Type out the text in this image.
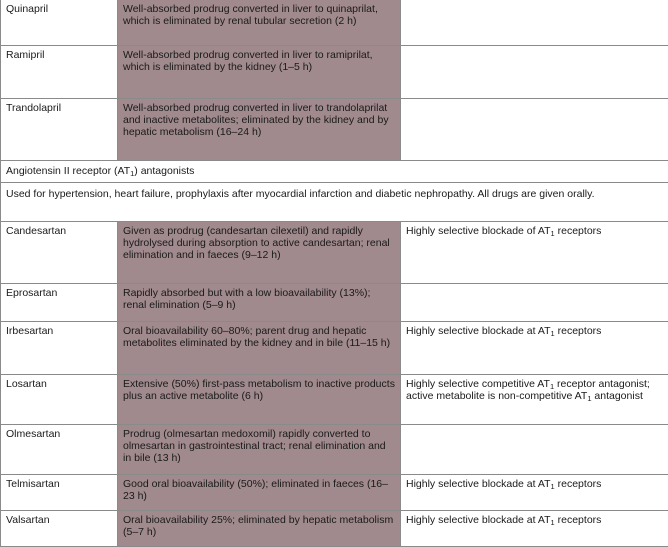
Quinapril	Well-absorbed prodrug converted in liver to quinaprilat, which is eliminated by renal tubular secretion (2 h)	
Ramipril	Well-absorbed prodrug converted in liver to ramiprilat, which is eliminated by the kidney (1–5 h)	
Trandolapril	Well-absorbed prodrug converted in liver to trandolaprilat and inactive metabolites; eliminated by the kidney and by hepatic metabolism (16–24 h)	
Angiotensin II receptor $(AT_1)$ antagonists		
Used for hypertension, heart failure, prophylaxis after myocardial infarction and diabetic nephropathy. All drugs are given orally.		
Candesartan	Given as prodrug (candesartan cilexetil) and rapidly hydrolysed during absorption to active candesartan; renal elimination and in faeces (9–12 h)	Highly selective blockade of $AT_1$ receptors
Eprosartan	Rapidly absorbed but with a low bioavailability (13%); renal elimination (5–9 h)	
Irbesartan	Oral bioavailability 60–80%; parent drug and hepatic metabolites eliminated by the kidney and in bile (11–15 h)	Highly selective blockade at $AT_1$ receptors
Losartan	Extensive (50%) first-pass metabolism to inactive products plus an active metabolite (6 h)	Highly selective competitive $AT_1$ receptor antagonist; active metabolite is non-competitive $AT_1$ antagonist
Olmesartan	Prodrug (olmesartan medoxomil) rapidly converted to olmesartan in gastrointestinal tract; renal elimination and in bile (13 h)	
Telmisartan	Good oral bioavailability (50%); eliminated in faeces (16–23 h)	Highly selective blockade at $AT_1$ receptors
Valsartan	Oral bioavailability 25%; eliminated by hepatic metabolism (5–7 h)	Highly selective blockade at $AT_1$ receptors
